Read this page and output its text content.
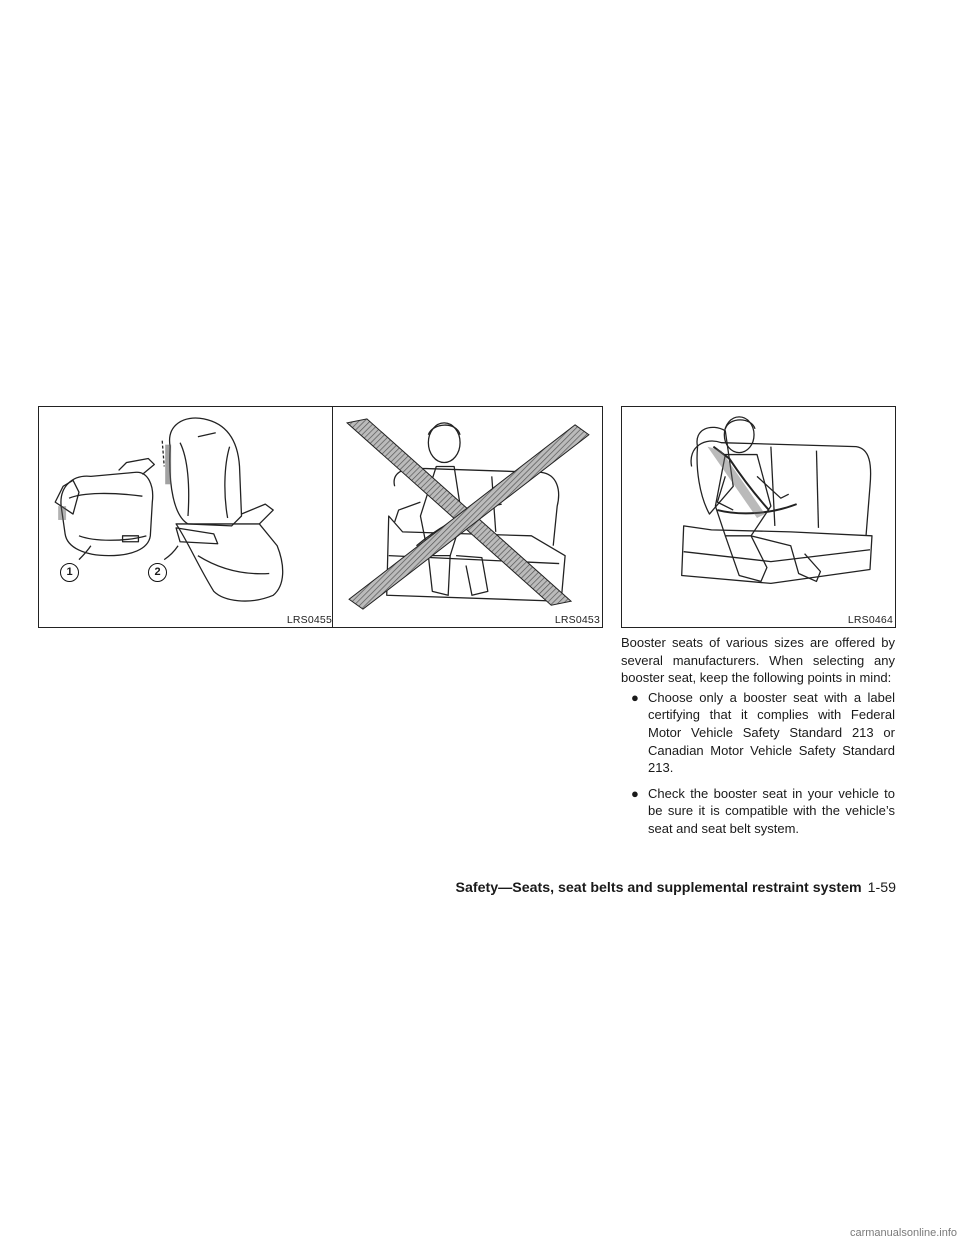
1	2
LRS0455	LRS0453	LRS0464

Booster seats of various sizes are offered by several manufacturers. When selecting any booster seat, keep the following points in mind:

● Choose only a booster seat with a label certifying that it complies with Federal Motor Vehicle Safety Standard 213 or Canadian Motor Vehicle Safety Standard 213.
● Check the booster seat in your vehicle to be sure it is compatible with the vehicle’s seat and seat belt system.
Safety—Seats, seat belts and supplemental restraint system 1-59
carmanualsonline.info
